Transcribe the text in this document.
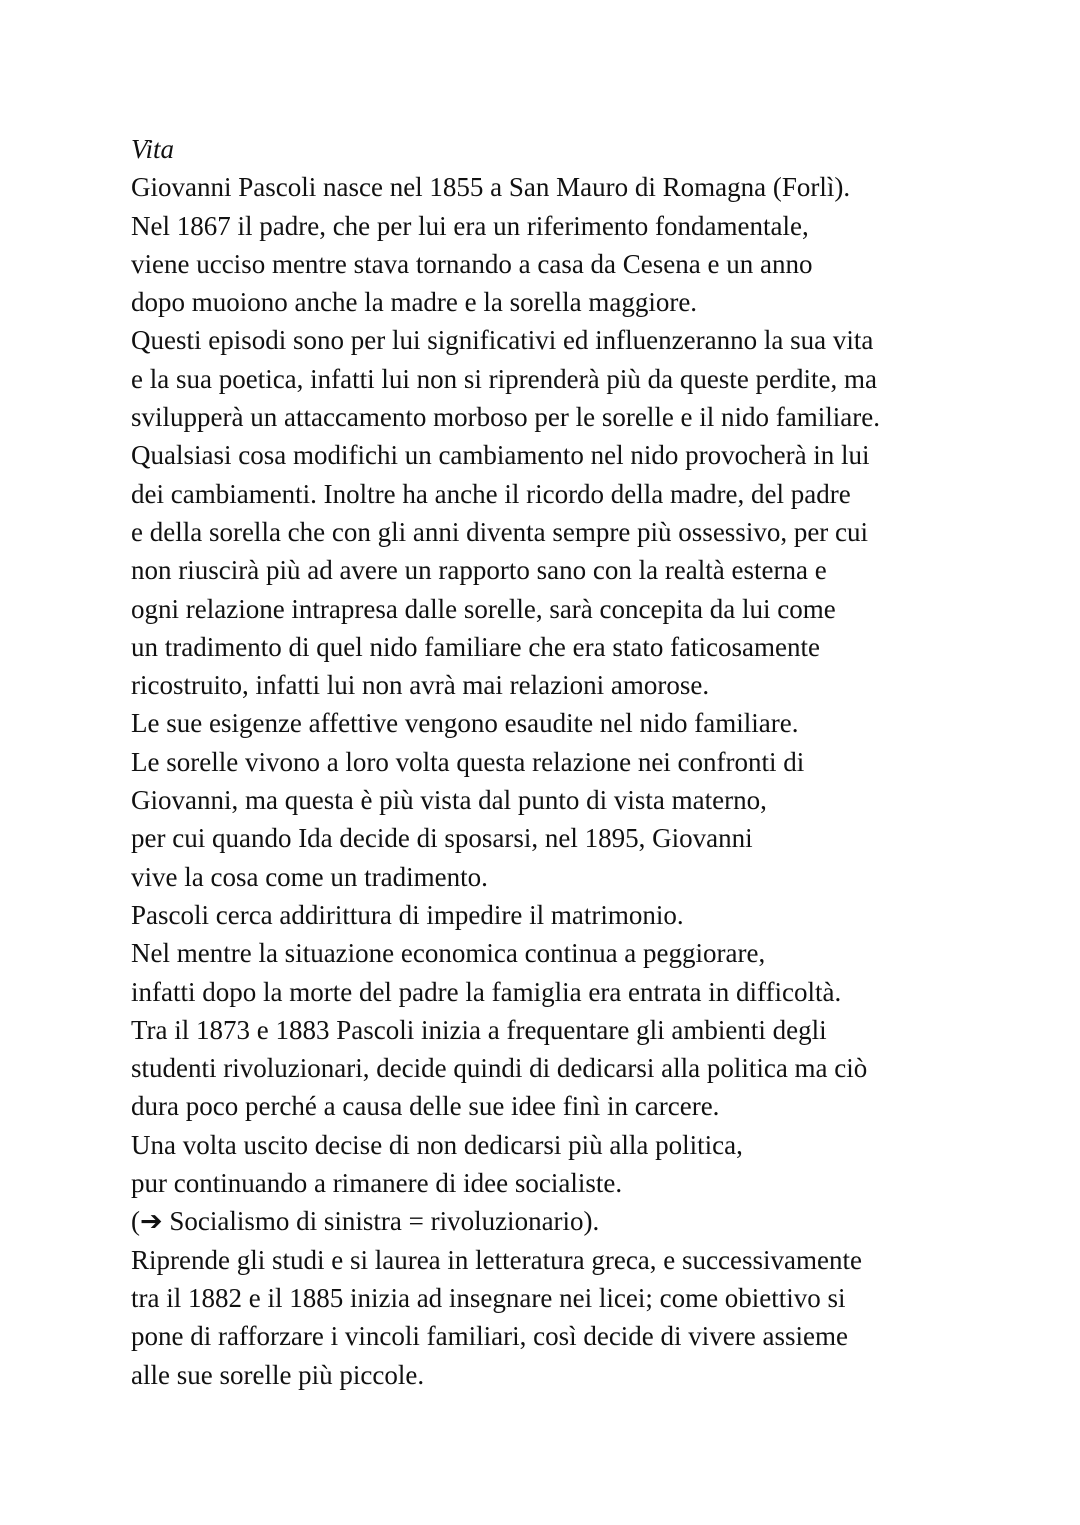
Vita
Giovanni Pascoli nasce nel 1855 a San Mauro di Romagna (Forlì).
Nel 1867 il padre, che per lui era un riferimento fondamentale,
viene ucciso mentre stava tornando a casa da Cesena e un anno
dopo muoiono anche la madre e la sorella maggiore.
Questi episodi sono per lui significativi ed influenzeranno la sua vita
e la sua poetica, infatti lui non si riprenderà più da queste perdite, ma
svilupperà un attaccamento morboso per le sorelle e il nido familiare.
Qualsiasi cosa modifichi un cambiamento nel nido provocherà in lui
dei cambiamenti. Inoltre ha anche il ricordo della madre, del padre
e della sorella che con gli anni diventa sempre più ossessivo, per cui
non riuscirà più ad avere un rapporto sano con la realtà esterna e
ogni relazione intrapresa dalle sorelle, sarà concepita da lui come
un tradimento di quel nido familiare che era stato faticosamente
ricostruito, infatti lui non avrà mai relazioni amorose.
Le sue esigenze affettive vengono esaudite nel nido familiare.
Le sorelle vivono a loro volta questa relazione nei confronti di
Giovanni, ma questa è più vista dal punto di vista materno,
per cui quando Ida decide di sposarsi, nel 1895, Giovanni
vive la cosa come un tradimento.
Pascoli cerca addirittura di impedire il matrimonio.
Nel mentre la situazione economica continua a peggiorare,
infatti dopo la morte del padre la famiglia era entrata in difficoltà.
Tra il 1873 e 1883 Pascoli inizia a frequentare gli ambienti degli
studenti rivoluzionari, decide quindi di dedicarsi alla politica ma ciò
dura poco perché a causa delle sue idee finì in carcere.
Una volta uscito decise di non dedicarsi più alla politica,
pur continuando a rimanere di idee socialiste.
(➔ Socialismo di sinistra = rivoluzionario).
Riprende gli studi e si laurea in letteratura greca, e successivamente
tra il 1882 e il 1885 inizia ad insegnare nei licei; come obiettivo si
pone di rafforzare i vincoli familiari, così decide di vivere assieme
alle sue sorelle più piccole.
